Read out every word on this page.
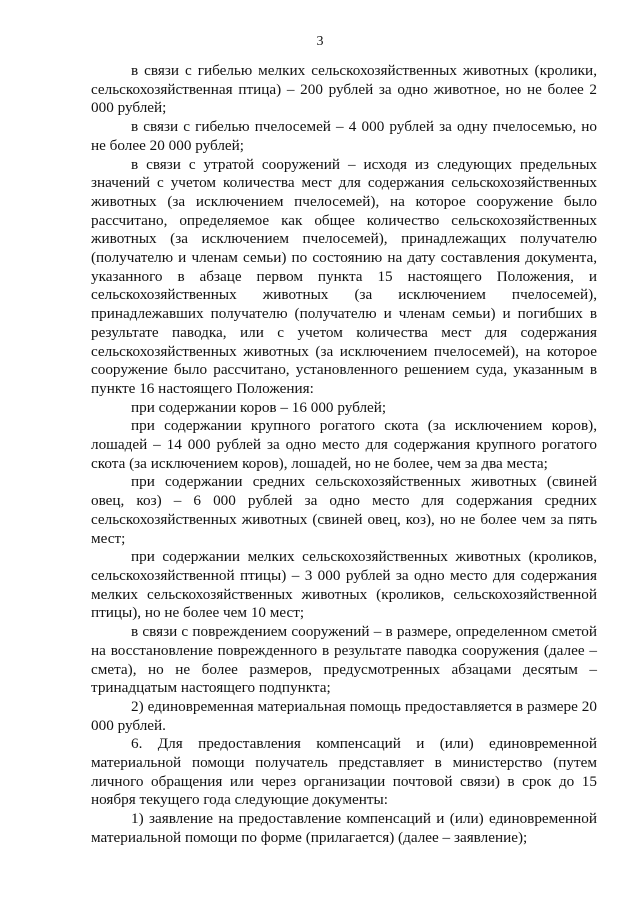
3

в связи с гибелью мелких сельскохозяйственных животных (кролики, сельскохозяйственная птица) – 200 рублей за одно животное, но не более 2 000 рублей;

в связи с гибелью пчелосемей – 4 000 рублей за одну пчелосемью, но не более 20 000 рублей;

в связи с утратой сооружений – исходя из следующих предельных значений с учетом количества мест для содержания сельскохозяйственных животных (за исключением пчелосемей), на которое сооружение было рассчитано, определяемое как общее количество сельскохозяйственных животных (за исключением пчелосемей), принадлежащих получателю (получателю и членам семьи) по состоянию на дату составления документа, указанного в абзаце первом пункта 15 настоящего Положения, и сельскохозяйственных животных (за исключением пчелосемей), принадлежавших получателю (получателю и членам семьи) и погибших в результате паводка, или с учетом количества мест для содержания сельскохозяйственных животных (за исключением пчелосемей), на которое сооружение было рассчитано, установленного решением суда, указанным в пункте 16 настоящего Положения:

при содержании коров – 16 000 рублей;

при содержании крупного рогатого скота (за исключением коров), лошадей – 14 000 рублей за одно место для содержания крупного рогатого скота (за исключением коров), лошадей, но не более, чем за два места;

при содержании средних сельскохозяйственных животных (свиней овец, коз) – 6 000 рублей за одно место для содержания средних сельскохозяйственных животных (свиней овец, коз), но не более чем за пять мест;

при содержании мелких сельскохозяйственных животных (кроликов, сельскохозяйственной птицы) – 3 000 рублей за одно место для содержания мелких сельскохозяйственных животных (кроликов, сельскохозяйственной птицы), но не более чем 10 мест;

в связи с повреждением сооружений – в размере, определенном сметой на восстановление поврежденного в результате паводка сооружения (далее – смета), но не более размеров, предусмотренных абзацами десятым – тринадцатым настоящего подпункта;

2) единовременная материальная помощь предоставляется в размере 20 000 рублей.

6. Для предоставления компенсаций и (или) единовременной материальной помощи получатель представляет в министерство (путем личного обращения или через организации почтовой связи) в срок до 15 ноября текущего года следующие документы:

1) заявление на предоставление компенсаций и (или) единовременной материальной помощи по форме (прилагается) (далее – заявление);
